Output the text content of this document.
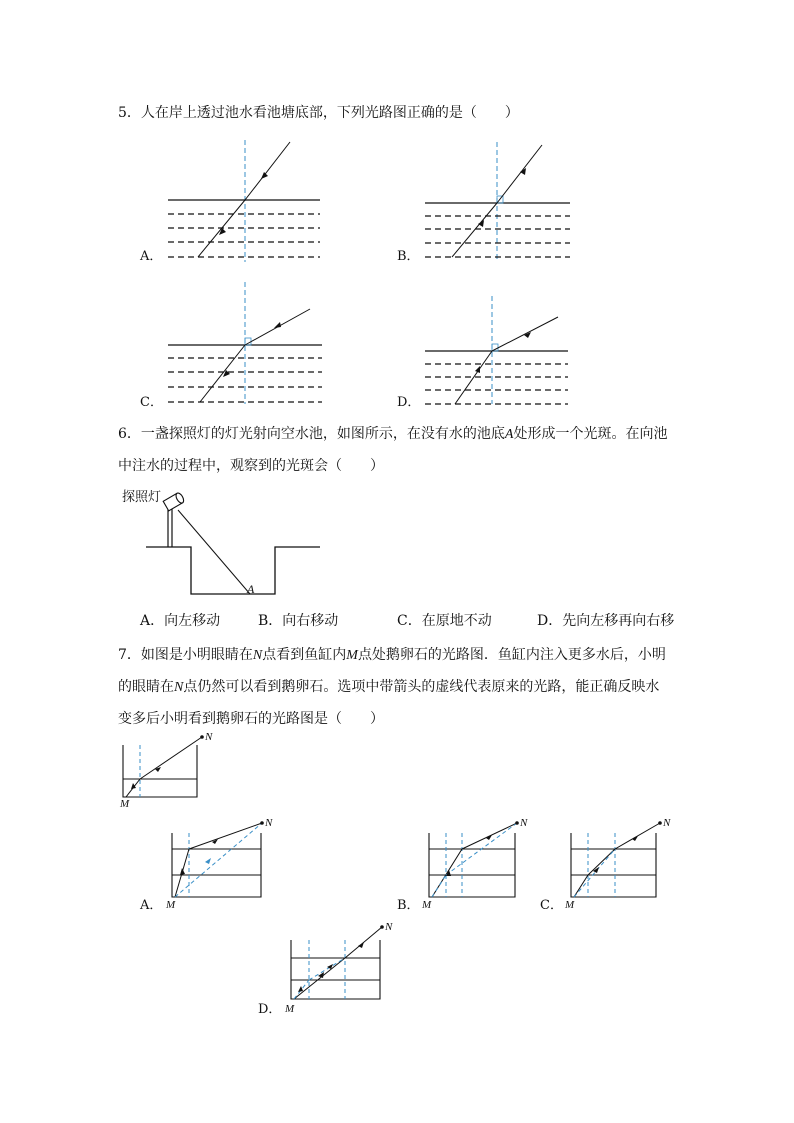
5．人在岸上透过池水看池塘底部，下列光路图正确的是（　　）
A．	B．
C．	D．
6．一盏探照灯的灯光射向空水池，如图所示，在没有水的池底A处形成一个光斑。在向池
中注水的过程中，观察到的光斑会（　　）
探照灯
A
A．向左移动	B．向右移动	C．在原地不动	D．先向左移再向右移
7．如图是小明眼睛在N点看到鱼缸内M点处鹅卵石的光路图．鱼缸内注入更多水后，小明
的眼睛在N点仍然可以看到鹅卵石。选项中带箭头的虚线代表原来的光路，能正确反映水
变多后小明看到鹅卵石的光路图是（　　）
N
M
N
M
A．
N
M
B．
N
M
C．
N
M
D．
